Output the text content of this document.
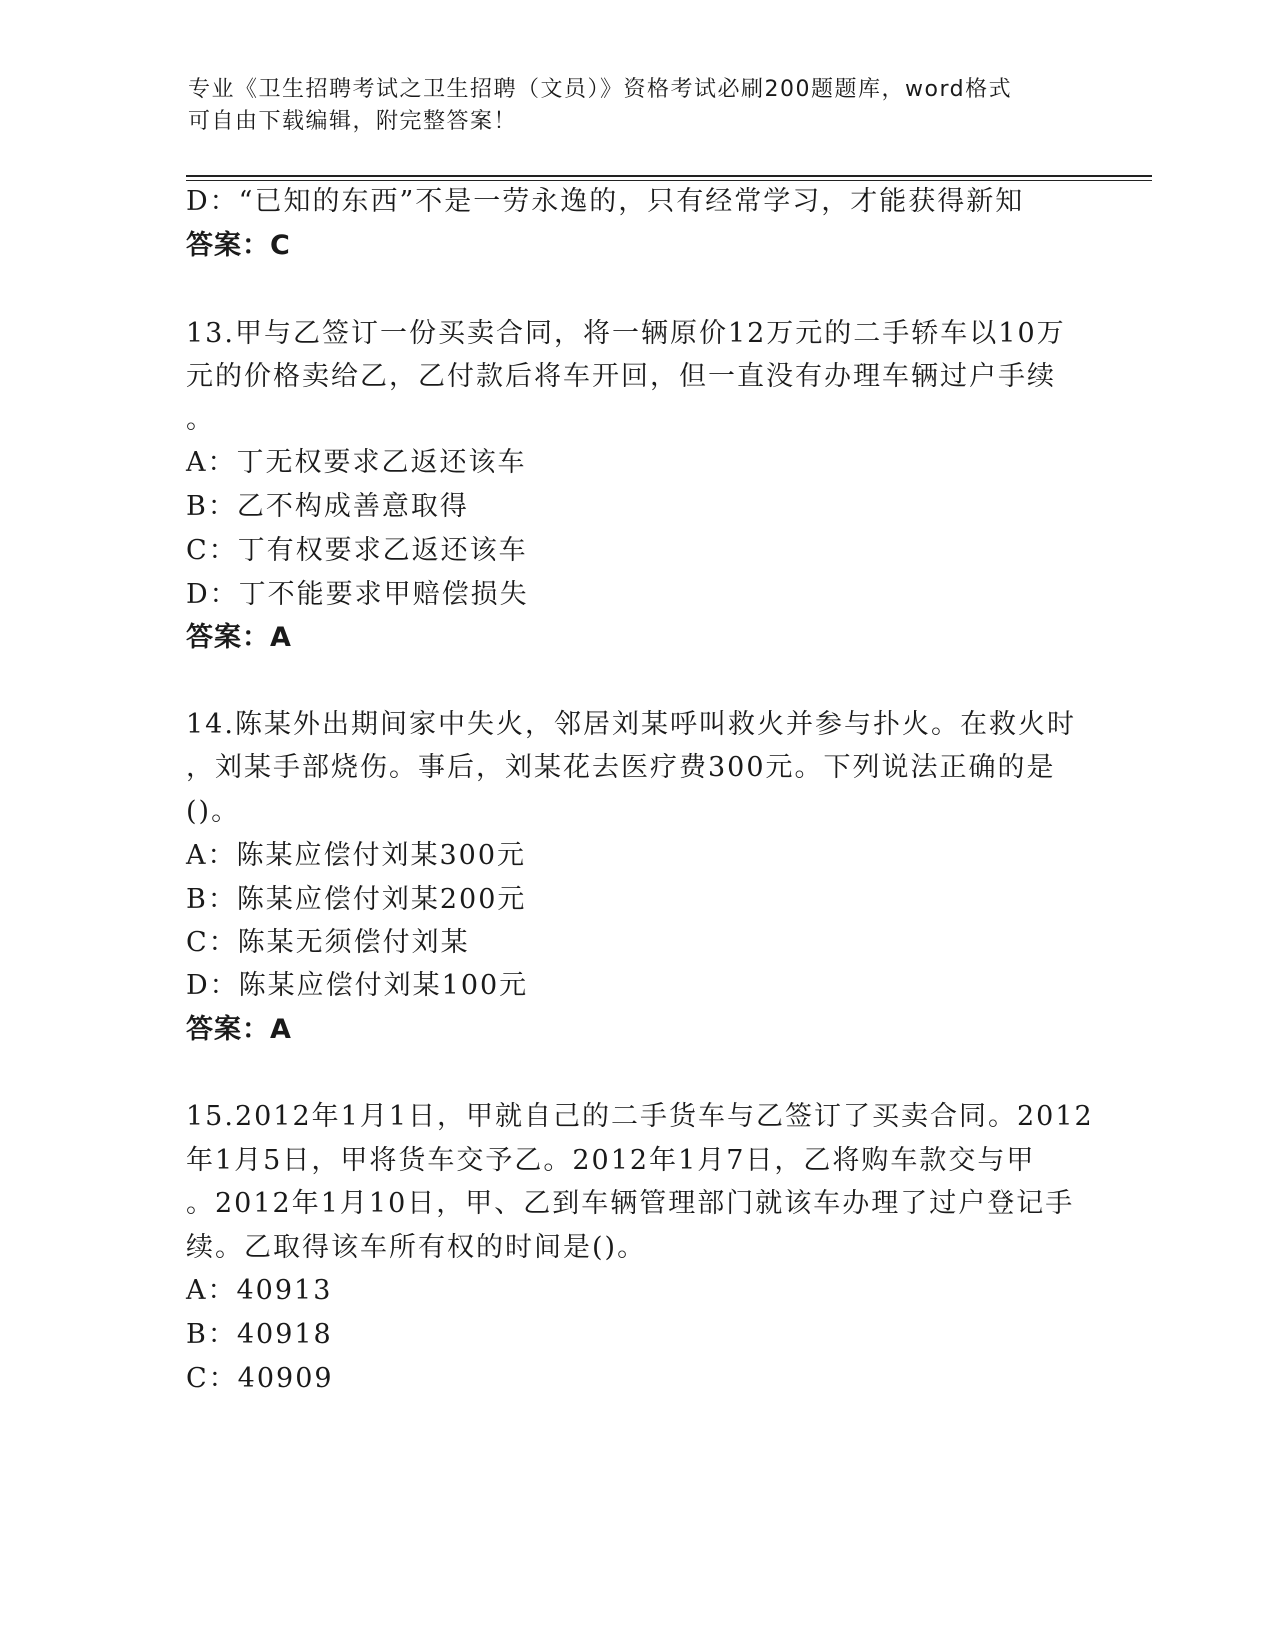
专业《卫生招聘考试之卫生招聘（文员）》资格考试必刷200题题库，word格式
可自由下载编辑，附完整答案！
D：“已知的东西”不是一劳永逸的，只有经常学习，才能获得新知
答案：C
13.甲与乙签订一份买卖合同，将一辆原价12万元的二手轿车以10万
元的价格卖给乙，乙付款后将车开回，但一直没有办理车辆过户手续
。
A：丁无权要求乙返还该车
B：乙不构成善意取得
C：丁有权要求乙返还该车
D：丁不能要求甲赔偿损失
答案：A
14.陈某外出期间家中失火，邻居刘某呼叫救火并参与扑火。在救火时
，刘某手部烧伤。事后，刘某花去医疗费300元。下列说法正确的是
()。
A：陈某应偿付刘某300元
B：陈某应偿付刘某200元
C：陈某无须偿付刘某
D：陈某应偿付刘某100元
答案：A
15.2012年1月1日，甲就自己的二手货车与乙签订了买卖合同。2012
年1月5日，甲将货车交予乙。2012年1月7日，乙将购车款交与甲
。2012年1月10日，甲、乙到车辆管理部门就该车办理了过户登记手
续。乙取得该车所有权的时间是()。
A：40913
B：40918
C：40909
